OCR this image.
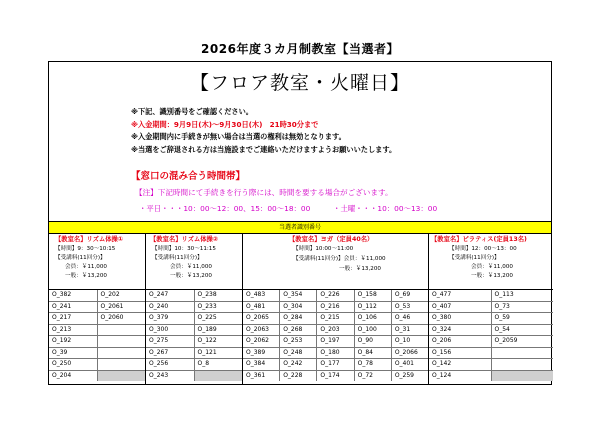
2026年度３カ月制教室【当選者】
【フロア教室・火曜日】
※下記、識別番号をご確認ください。
※入金期間：9月9日(木)〜9月30日(木)　21時30分まで
※入金期間内に手続きが無い場合は当選の権利は無効となります。
※当選をご辞退される方は当施設までご連絡いただけますようお願いいたします。
【窓口の混み合う時間帯】
【注】下記時間にて手続きを行う際には、時間を要する場合がございます。
・平日・・・10：00〜12：00、15：00〜18：00	・土曜・・・10：00〜13：00
当選者識別番号
【教室名】リズム体操①
【時間】9：30〜10:15
【受講料(11回分)】
会員：￥11,000
一般：￥13,200
O_382	O_202
O_241	O_2061
O_217	O_2060
O_213
O_192
O_39
O_250
O_204
【教室名】リズム体操②
【時間】10：30〜11:15
【受講料(11回分)】
会員：￥11,000
一般：￥13,200
O_247	O_238
O_240	O_233
O_379	O_225
O_300	O_189
O_275	O_122
O_267	O_121
O_256	O_8
O_243
【教室名】ヨガ（定員40名）
【時間】10:00〜11:00
【受講料(11回分)】会員：￥11,000
一般：￥13,200
O_483	O_354	O_226	O_158	O_69
O_481	O_304	O_216	O_112	O_53
O_2065	O_284	O_215	O_106	O_46
O_2063	O_268	O_203	O_100	O_31
O_2062	O_253	O_197	O_90	O_10
O_389	O_248	O_180	O_84	O_2066
O_384	O_242	O_177	O_78	O_401
O_361	O_228	O_174	O_72	O_259
【教室名】ピラティス(定員13名)
【時間】12：00〜13：00
【受講料(11回分)】
会員：￥11,000
一般：￥13,200
O_477	O_113
O_407	O_73
O_380	O_59
O_324	O_54
O_206	O_2059
O_156
O_142
O_124
